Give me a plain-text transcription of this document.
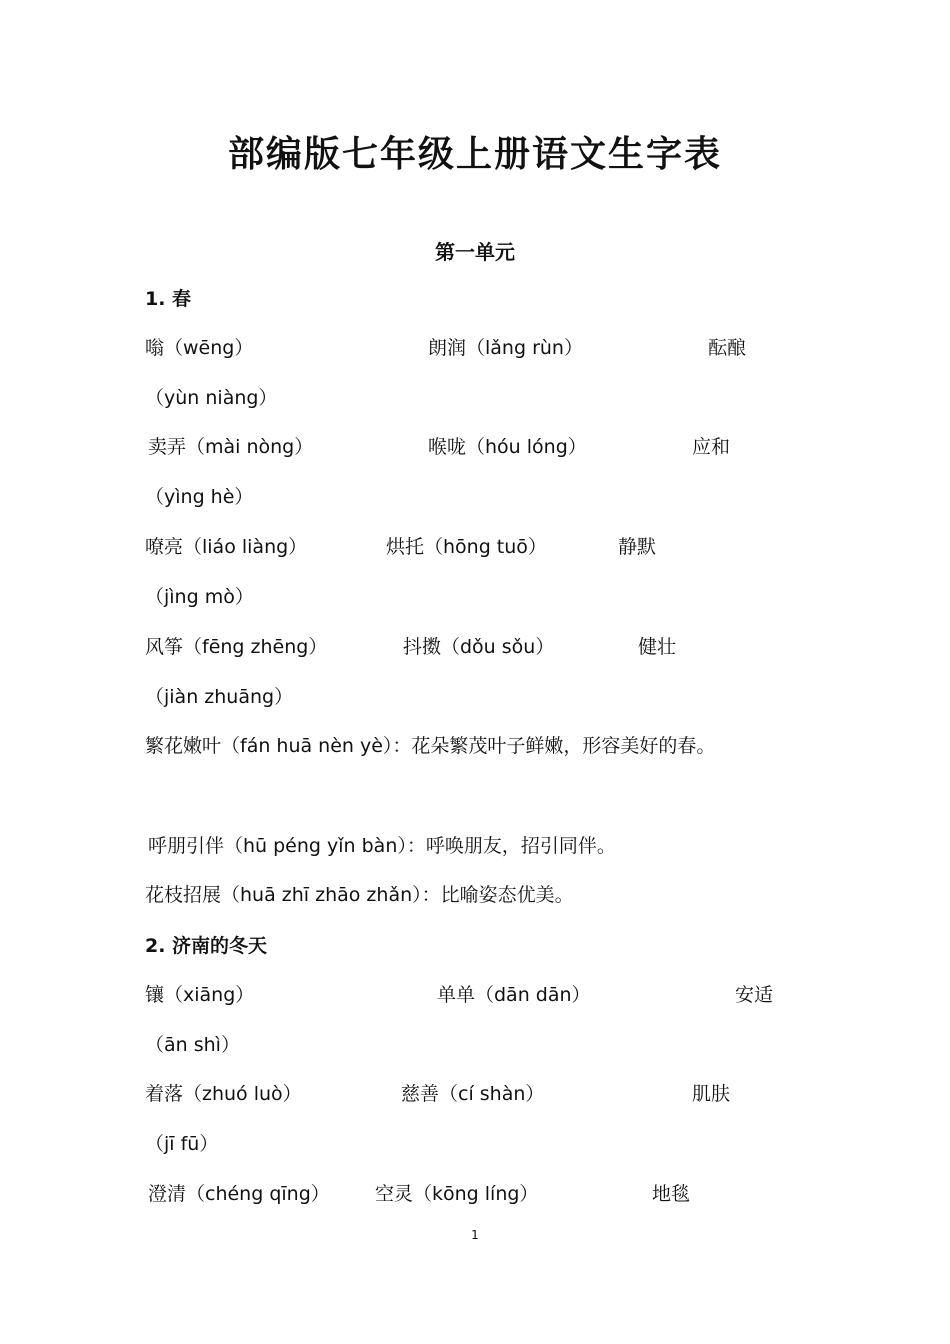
部编版七年级上册语文生字表
第一单元
1. 春
嗡（wēng）	朗润（lǎng rùn）	酝酿
（yùn niàng）
卖弄（mài nòng）	喉咙（hóu lóng）	应和
（yìng hè）
嘹亮（liáo liàng）	烘托（hōng tuō）	静默
（jìng mò）
风筝（fēng zhēng）	抖擞（dǒu sǒu）	健壮
（jiàn zhuāng）
繁花嫩叶（fán huā nèn yè）：花朵繁茂叶子鲜嫩，形容美好的春。
呼朋引伴（hū péng yǐn bàn）：呼唤朋友，招引同伴。
花枝招展（huā zhī zhāo zhǎn）：比喻姿态优美。
2. 济南的冬天
镶（xiāng）	单单（dān dān）	安适
（ān shì）
着落（zhuó luò）	慈善（cí shàn）	肌肤
（jī fū）
澄清（chéng qīng） 空灵（kōng líng）	地毯
1
